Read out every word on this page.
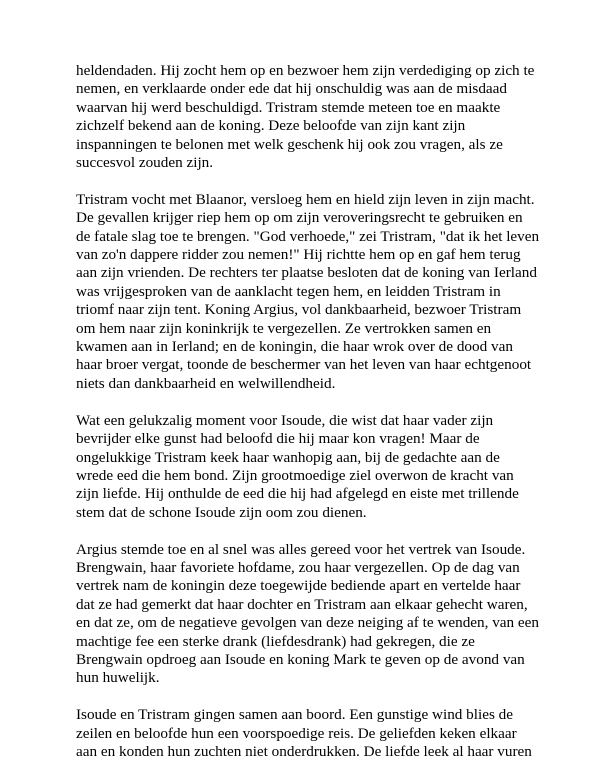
heldendaden. Hij zocht hem op en bezwoer hem zijn verdediging op zich te
nemen, en verklaarde onder ede dat hij onschuldig was aan de misdaad
waarvan hij werd beschuldigd. Tristram stemde meteen toe en maakte
zichzelf bekend aan de koning. Deze beloofde van zijn kant zijn
inspanningen te belonen met welk geschenk hij ook zou vragen, als ze
succesvol zouden zijn.

Tristram vocht met Blaanor, versloeg hem en hield zijn leven in zijn macht.
De gevallen krijger riep hem op om zijn veroveringsrecht te gebruiken en
de fatale slag toe te brengen. "God verhoede," zei Tristram, "dat ik het leven
van zo'n dappere ridder zou nemen!" Hij richtte hem op en gaf hem terug
aan zijn vrienden. De rechters ter plaatse besloten dat de koning van Ierland
was vrijgesproken van de aanklacht tegen hem, en leidden Tristram in
triomf naar zijn tent. Koning Argius, vol dankbaarheid, bezwoer Tristram
om hem naar zijn koninkrijk te vergezellen. Ze vertrokken samen en
kwamen aan in Ierland; en de koningin, die haar wrok over de dood van
haar broer vergat, toonde de beschermer van het leven van haar echtgenoot
niets dan dankbaarheid en welwillendheid.

Wat een gelukzalig moment voor Isoude, die wist dat haar vader zijn
bevrijder elke gunst had beloofd die hij maar kon vragen! Maar de
ongelukkige Tristram keek haar wanhopig aan, bij de gedachte aan de
wrede eed die hem bond. Zijn grootmoedige ziel overwon de kracht van
zijn liefde. Hij onthulde de eed die hij had afgelegd en eiste met trillende
stem dat de schone Isoude zijn oom zou dienen.

Argius stemde toe en al snel was alles gereed voor het vertrek van Isoude.
Brengwain, haar favoriete hofdame, zou haar vergezellen. Op de dag van
vertrek nam de koningin deze toegewijde bediende apart en vertelde haar
dat ze had gemerkt dat haar dochter en Tristram aan elkaar gehecht waren,
en dat ze, om de negatieve gevolgen van deze neiging af te wenden, van een
machtige fee een sterke drank (liefdesdrank) had gekregen, die ze
Brengwain opdroeg aan Isoude en koning Mark te geven op de avond van
hun huwelijk.

Isoude en Tristram gingen samen aan boord. Een gunstige wind blies de
zeilen en beloofde hun een voorspoedige reis. De geliefden keken elkaar
aan en konden hun zuchten niet onderdrukken. De liefde leek al haar vuren
